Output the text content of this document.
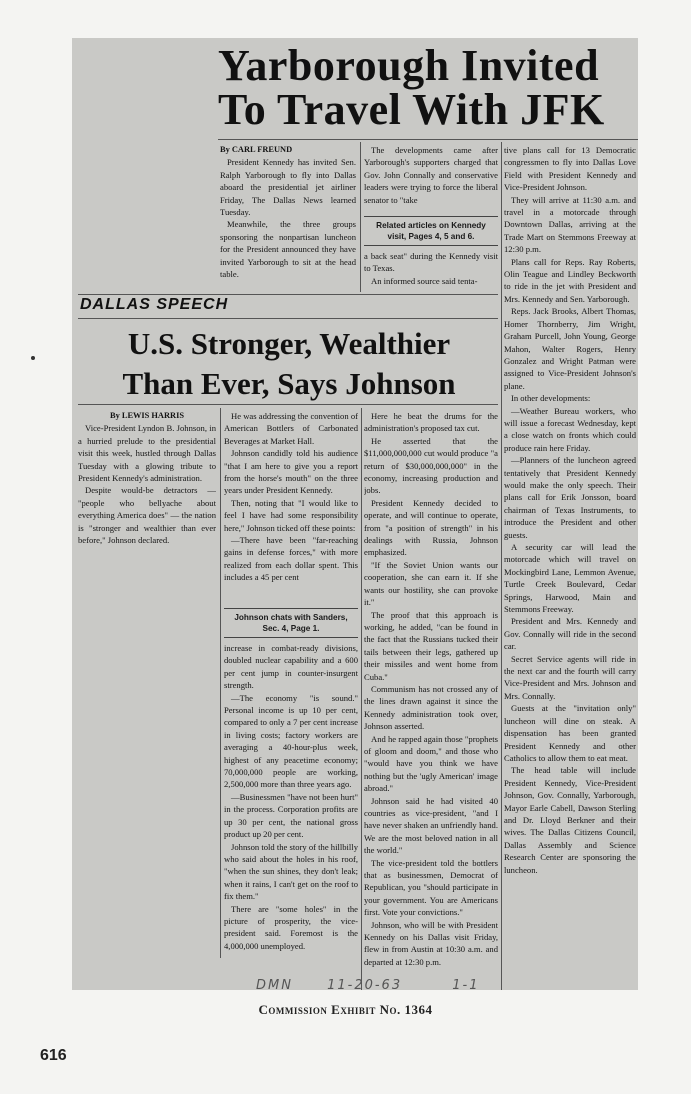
Yarborough Invited
To Travel With JFK

By CARL FREUND

President Kennedy has invited Sen. Ralph Yarborough to fly into Dallas aboard the presidential jet airliner Friday, The Dallas News learned Tuesday.

Meanwhile, the three groups sponsoring the nonpartisan luncheon for the President announced they have invited Yarborough to sit at the head table.

The developments came after Yarborough's supporters charged that Gov. John Connally and conservative leaders were trying to force the liberal senator to "take

Related articles on Kennedy visit, Pages 4, 5 and 6.

a back seat" during the Kennedy visit to Texas.

An informed source said tenta-

tive plans call for 13 Democratic congressmen to fly into Dallas Love Field with President Kennedy and Vice-President Johnson.

They will arrive at 11:30 a.m. and travel in a motorcade through Downtown Dallas, arriving at the Trade Mart on Stemmons Freeway at 12:30 p.m.

Plans call for Reps. Ray Roberts, Olin Teague and Lindley Beckworth to ride in the jet with President and Mrs. Kennedy and Sen. Yarborough.

Reps. Jack Brooks, Albert Thomas, Homer Thornberry, Jim Wright, Graham Purcell, John Young, George Mahon, Walter Rogers, Henry Gonzalez and Wright Patman were assigned to Vice-President Johnson's plane.

In other developments:

—Weather Bureau workers, who will issue a forecast Wednesday, kept a close watch on fronts which could produce rain here Friday.

—Planners of the luncheon agreed tentatively that President Kennedy would make the only speech. Their plans call for Erik Jonsson, board chairman of Texas Instruments, to introduce the President and other guests.

A security car will lead the motorcade which will travel on Mockingbird Lane, Lemmon Avenue, Turtle Creek Boulevard, Cedar Springs, Harwood, Main and Stemmons Freeway.

President and Mrs. Kennedy and Gov. Connally will ride in the second car.

Secret Service agents will ride in the next car and the fourth will carry Vice-President and Mrs. Johnson and Mrs. Connally.

Guests at the "invitation only" luncheon will dine on steak. A dispensation has been granted President Kennedy and other Catholics to allow them to eat meat.

The head table will include President Kennedy, Vice-President Johnson, Gov. Connally, Yarborough, Mayor Earle Cabell, Dawson Sterling and Dr. Lloyd Berkner and their wives. The Dallas Citizens Council, Dallas Assembly and Science Research Center are sponsoring the luncheon.

DALLAS SPEECH
U.S. Stronger, Wealthier
Than Ever, Says Johnson

By LEWIS HARRIS

Vice-President Lyndon B. Johnson, in a hurried prelude to the presidential visit this week, hustled through Dallas Tuesday with a glowing tribute to President Kennedy's administration.

Despite would-be detractors — "people who bellyache about everything America does" — the nation is "stronger and wealthier than ever before," Johnson declared.

He was addressing the convention of American Bottlers of Carbonated Beverages at Market Hall.

Johnson candidly told his audience "that I am here to give you a report from the horse's mouth" on the three years under President Kennedy.

Then, noting that "I would like to feel I have had some responsibility here," Johnson ticked off these points:

—There have been "far-reaching gains in defense forces," with more realized from each dollar spent. This includes a 45 per cent

Johnson chats with Sanders, Sec. 4, Page 1.

increase in combat-ready divisions, doubled nuclear capability and a 600 per cent jump in counter-insurgent strength.

—The economy "is sound." Personal income is up 10 per cent, compared to only a 7 per cent increase in living costs; factory workers are averaging a 40-hour-plus week, highest of any peacetime economy; 70,000,000 people are working, 2,500,000 more than three years ago.

—Businessmen "have not been hurt" in the process. Corporation profits are up 30 per cent, the national gross product up 20 per cent.

Johnson told the story of the hillbilly who said about the holes in his roof, "when the sun shines, they don't leak; when it rains, I can't get on the roof to fix them."

There are "some holes" in the picture of prosperity, the vice-president said. Foremost is the 4,000,000 unemployed.

Here he beat the drums for the administration's proposed tax cut.

He asserted that the $11,000,000,000 cut would produce "a return of $30,000,000,000" in the economy, increasing production and jobs.

President Kennedy decided to operate, and will continue to operate, from "a position of strength" in his dealings with Russia, Johnson emphasized.

"If the Soviet Union wants our cooperation, she can earn it. If she wants our hostility, she can provoke it."

The proof that this approach is working, he added, "can be found in the fact that the Russians tucked their tails between their legs, gathered up their missiles and went home from Cuba."

Communism has not crossed any of the lines drawn against it since the Kennedy administration took over, Johnson asserted.

And he rapped again those "prophets of gloom and doom," and those who "would have you think we have nothing but the 'ugly American' image abroad."

Johnson said he had visited 40 countries as vice-president, "and I have never shaken an unfriendly hand. We are the most beloved nation in all the world."

The vice-president told the bottlers that as businessmen, Democrat of Republican, you "should participate in your government. You are Americans first. Vote your convictions."

Johnson, who will be with President Kennedy on his Dallas visit Friday, flew in from Austin at 10:30 a.m. and departed at 12:30 p.m.

DMN	11-20-63	1-1
Commission Exhibit No. 1364
616
